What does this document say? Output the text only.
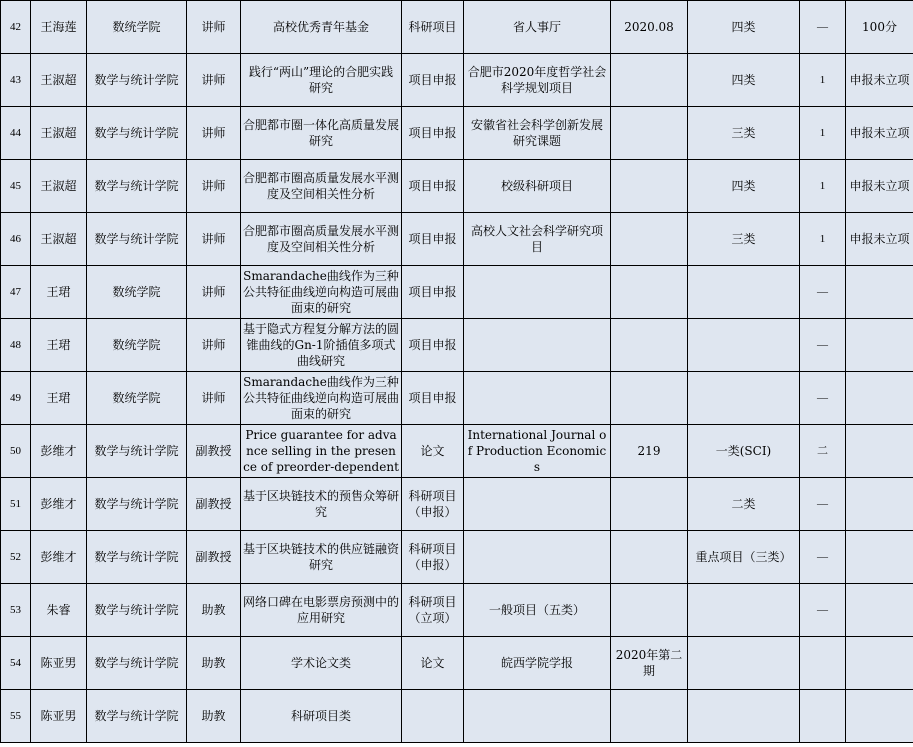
42	王海莲	数统学院	讲师	高校优秀青年基金	科研项目	省人事厅	2020.08	四类	—	100分
43	王淑超	数学与统计学院	讲师	践行“两山”理论的合肥实践研究	项目申报	合肥市2020年度哲学社会科学规划项目		四类	1	申报未立项
44	王淑超	数学与统计学院	讲师	合肥都市圈一体化高质量发展研究	项目申报	安徽省社会科学创新发展研究课题		三类	1	申报未立项
45	王淑超	数学与统计学院	讲师	合肥都市圈高质量发展水平测度及空间相关性分析	项目申报	校级科研项目		四类	1	申报未立项
46	王淑超	数学与统计学院	讲师	合肥都市圈高质量发展水平测度及空间相关性分析	项目申报	高校人文社会科学研究项目		三类	1	申报未立项
47	王珺	数统学院	讲师	Smarandache曲线作为三种公共特征曲线逆向构造可展曲面束的研究	项目申报				—	
48	王珺	数统学院	讲师	基于隐式方程复分解方法的圆锥曲线的Gn-1阶插值多项式曲线研究	项目申报				—	
49	王珺	数统学院	讲师	Smarandache曲线作为三种公共特征曲线逆向构造可展曲面束的研究	项目申报				—	
50	彭维才	数学与统计学院	副教授	Price guarantee for advance selling in the presence of preorder-dependent	论文	International Journal of Production Economics	219	一类(SCI)	二	
51	彭维才	数学与统计学院	副教授	基于区块链技术的预售众筹研究	科研项目（申报）			二类	—	
52	彭维才	数学与统计学院	副教授	基于区块链技术的供应链融资研究	科研项目（申报）			重点项目（三类）	—	
53	朱睿	数学与统计学院	助教	网络口碑在电影票房预测中的应用研究	科研项目（立项）	一般项目（五类）			—	
54	陈亚男	数学与统计学院	助教	学术论文类	论文	皖西学院学报	2020年第二期			
55	陈亚男	数学与统计学院	助教	科研项目类						
